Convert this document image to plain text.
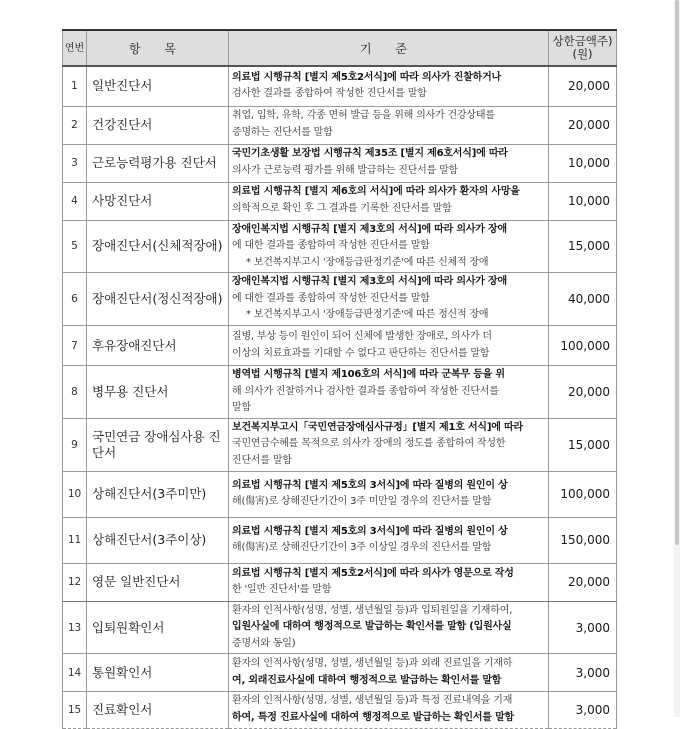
연번	항 목	기 준	상한금액주)(원)
1	일반진단서	의료법 시행규칙 [별지 제5호2서식]에 따라 의사가 진찰하거나
검사한 결과를 종합하여 작성한 진단서를 말함	20,000
2	건강진단서	취업, 입학, 유학, 각종 면허 발급 등을 위해 의사가 건강상태를
증명하는 진단서를 말함	20,000
3	근로능력평가용 진단서	국민기초생활 보장법 시행규칙 제35조 [별지 제6호서식]에 따라
의사가 근로능력 평가를 위해 발급하는 진단서를 말함	10,000
4	사망진단서	의료법 시행규칙 [별지 제6호의 서식]에 따라 의사가 환자의 사망을
의학적으로 확인 후 그 결과를 기록한 진단서를 말함	10,000
5	장애진단서(신체적장애)	장애인복지법 시행규칙 [별지 제3호의 서식]에 따라 의사가 장애
에 대한 결과를 종합하여 작성한 진단서를 말함
* 보건복지부고시 '장애등급판정기준'에 따른 신체적 장애	15,000
6	장애진단서(정신적장애)	장애인복지법 시행규칙 [별지 제3호의 서식]에 따라 의사가 장애
에 대한 결과를 종합하여 작성한 진단서를 말함
* 보건복지부고시 '장애등급판정기준'에 따른 정신적 장애	40,000
7	후유장애진단서	질병, 부상 등이 원인이 되어 신체에 발생한 장애로, 의사가 더
이상의 치료효과를 기대할 수 없다고 판단하는 진단서를 말함	100,000
8	병무용 진단서	병역법 시행규칙 [별지 제106호의 서식]에 따라 군복무 등을 위
해 의사가 진찰하거나 검사한 결과를 종합하여 작성한 진단서를
말함	20,000
9	국민연금 장애심사용 진단서	보건복지부고시「국민연금장애심사규정」[별지 제1호 서식]에 따라
국민연금수혜를 목적으로 의사가 장애의 정도를 종합하여 작성한
진단서를 말함	15,000
10	상해진단서(3주미만)	의료법 시행규칙 [별지 제5호의 3서식]에 따라 질병의 원인이 상
해(傷害)로 상해진단기간이 3주 미만일 경우의 진단서를 말함	100,000
11	상해진단서(3주이상)	의료법 시행규칙 [별지 제5호의 3서식]에 따라 질병의 원인이 상
해(傷害)로 상해진단기간이 3주 이상일 경우의 진단서를 말함	150,000
12	영문 일반진단서	의료법 시행규칙 [별지 제5호2서식]에 따라 의사가 영문으로 작성
한 '일반 진단서'를 말함	20,000
13	입퇴원확인서	환자의 인적사항(성명, 성별, 생년월일 등)과 입퇴원일을 기재하여,
입원사실에 대하여 행정적으로 발급하는 확인서를 말함 (입원사실
증명서와 동일)	3,000
14	통원확인서	환자의 인적사항(성명, 성별, 생년월일 등)과 외래 진료일을 기재하
여, 외래진료사실에 대하여 행정적으로 발급하는 확인서를 말함	3,000
15	진료확인서	환자의 인적사항(성명, 성별, 생년월일 등)과 특정 진료내역을 기재
하여, 특정 진료사실에 대하여 행정적으로 발급하는 확인서를 말함	3,000
